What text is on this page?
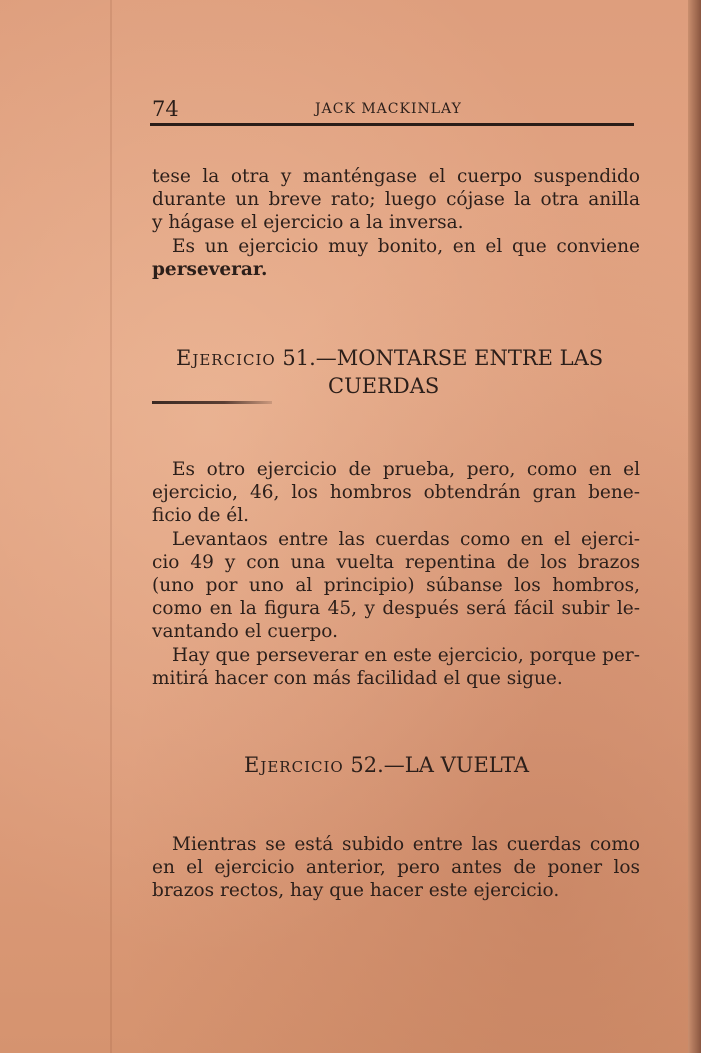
74	JACK MACKINLAY
tese la otra y manténgase el cuerpo suspendido
durante un breve rato; luego cójase la otra anilla
y hágase el ejercicio a la inversa.
Es un ejercicio muy bonito, en el que conviene
perseverar.
Ejercicio 51.—MONTARSE ENTRE LAS
CUERDAS
Es otro ejercicio de prueba, pero, como en el
ejercicio, 46, los hombros obtendrán gran bene-
ficio de él.
Levantaos entre las cuerdas como en el ejerci-
cio 49 y con una vuelta repentina de los brazos
(uno por uno al principio) súbanse los hombros,
como en la figura 45, y después será fácil subir le-
vantando el cuerpo.
Hay que perseverar en este ejercicio, porque per-
mitirá hacer con más facilidad el que sigue.
Ejercicio 52.—LA VUELTA
Mientras se está subido entre las cuerdas como
en el ejercicio anterior, pero antes de poner los
brazos rectos, hay que hacer este ejercicio.
